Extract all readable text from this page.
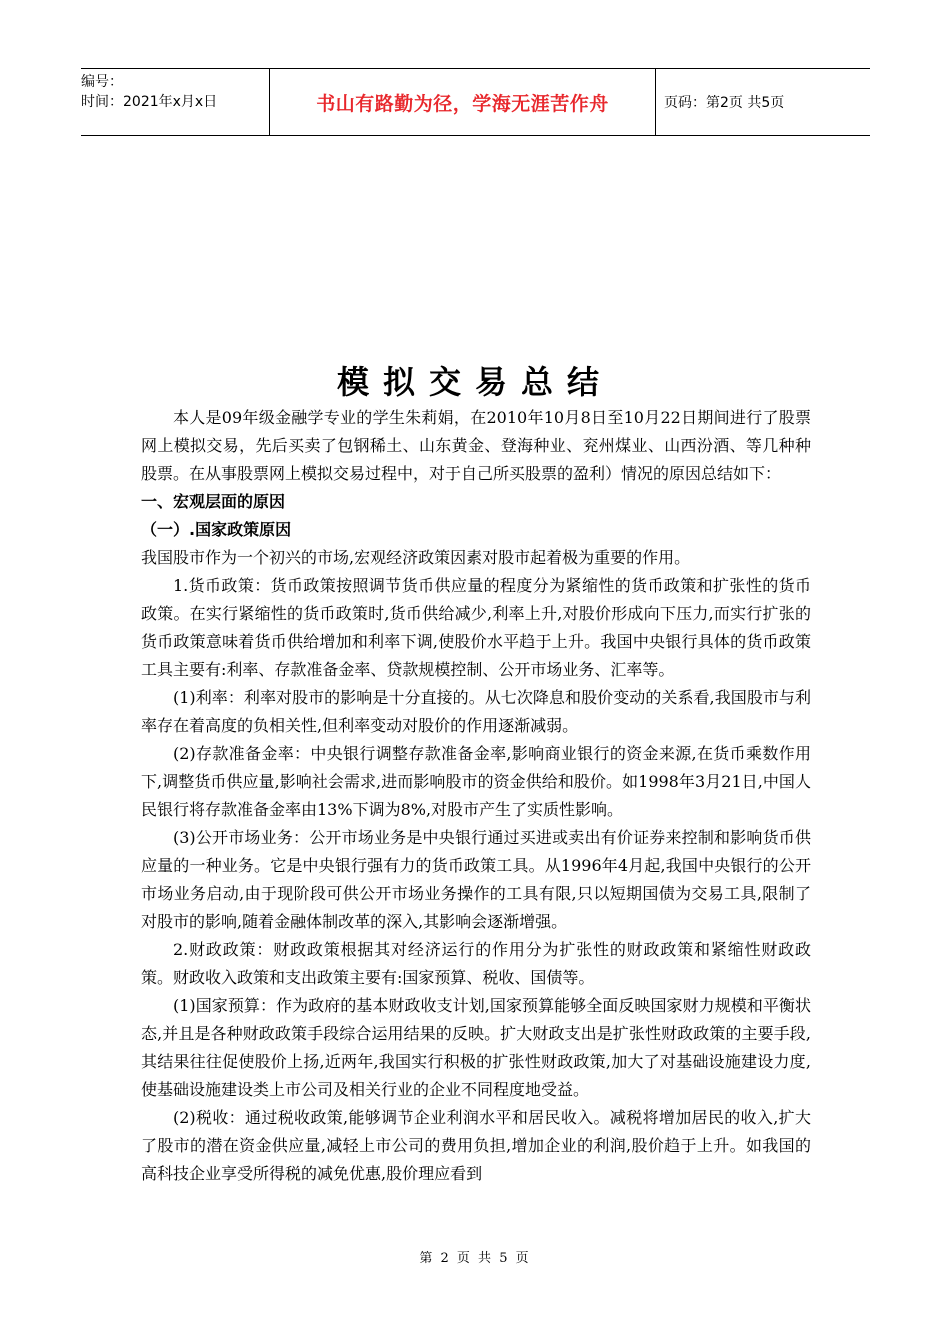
编号：
时间：2021年x月x日	书山有路勤为径，学海无涯苦作舟	页码：第2页 共5页
模拟交易总结

本人是09年级金融学专业的学生朱莉娟，在2010年10月8日至10月22日期间进行了股票网上模拟交易，先后买卖了包钢稀土、山东黄金、登海种业、兖州煤业、山西汾酒、等几种种股票。在从事股票网上模拟交易过程中，对于自己所买股票的盈利）情况的原因总结如下：

一、宏观层面的原因

（一）.国家政策原因

我国股市作为一个初兴的市场,宏观经济政策因素对股市起着极为重要的作用。

1.货币政策：货币政策按照调节货币供应量的程度分为紧缩性的货币政策和扩张性的货币政策。在实行紧缩性的货币政策时,货币供给减少,利率上升,对股价形成向下压力,而实行扩张的货币政策意味着货币供给增加和利率下调,使股价水平趋于上升。我国中央银行具体的货币政策工具主要有:利率、存款准备金率、贷款规模控制、公开市场业务、汇率等。

(1)利率：利率对股市的影响是十分直接的。从七次降息和股价变动的关系看,我国股市与利率存在着高度的负相关性,但利率变动对股价的作用逐渐减弱。

(2)存款准备金率：中央银行调整存款准备金率,影响商业银行的资金来源,在货币乘数作用下,调整货币供应量,影响社会需求,进而影响股市的资金供给和股价。如1998年3月21日,中国人民银行将存款准备金率由13%下调为8%,对股市产生了实质性影响。

(3)公开市场业务：公开市场业务是中央银行通过买进或卖出有价证券来控制和影响货币供应量的一种业务。它是中央银行强有力的货币政策工具。从1996年4月起,我国中央银行的公开市场业务启动,由于现阶段可供公开市场业务操作的工具有限,只以短期国债为交易工具,限制了对股市的影响,随着金融体制改革的深入,其影响会逐渐增强。

2.财政政策：财政政策根据其对经济运行的作用分为扩张性的财政政策和紧缩性财政政策。财政收入政策和支出政策主要有:国家预算、税收、国债等。

(1)国家预算：作为政府的基本财政收支计划,国家预算能够全面反映国家财力规模和平衡状态,并且是各种财政政策手段综合运用结果的反映。扩大财政支出是扩张性财政政策的主要手段,其结果往往促使股价上扬,近两年,我国实行积极的扩张性财政政策,加大了对基础设施建设力度,使基础设施建设类上市公司及相关行业的企业不同程度地受益。

(2)税收：通过税收政策,能够调节企业利润水平和居民收入。减税将增加居民的收入,扩大了股市的潜在资金供应量,减轻上市公司的费用负担,增加企业的利润,股价趋于上升。如我国的高科技企业享受所得税的减免优惠,股价理应看到

第 2 页 共 5 页
